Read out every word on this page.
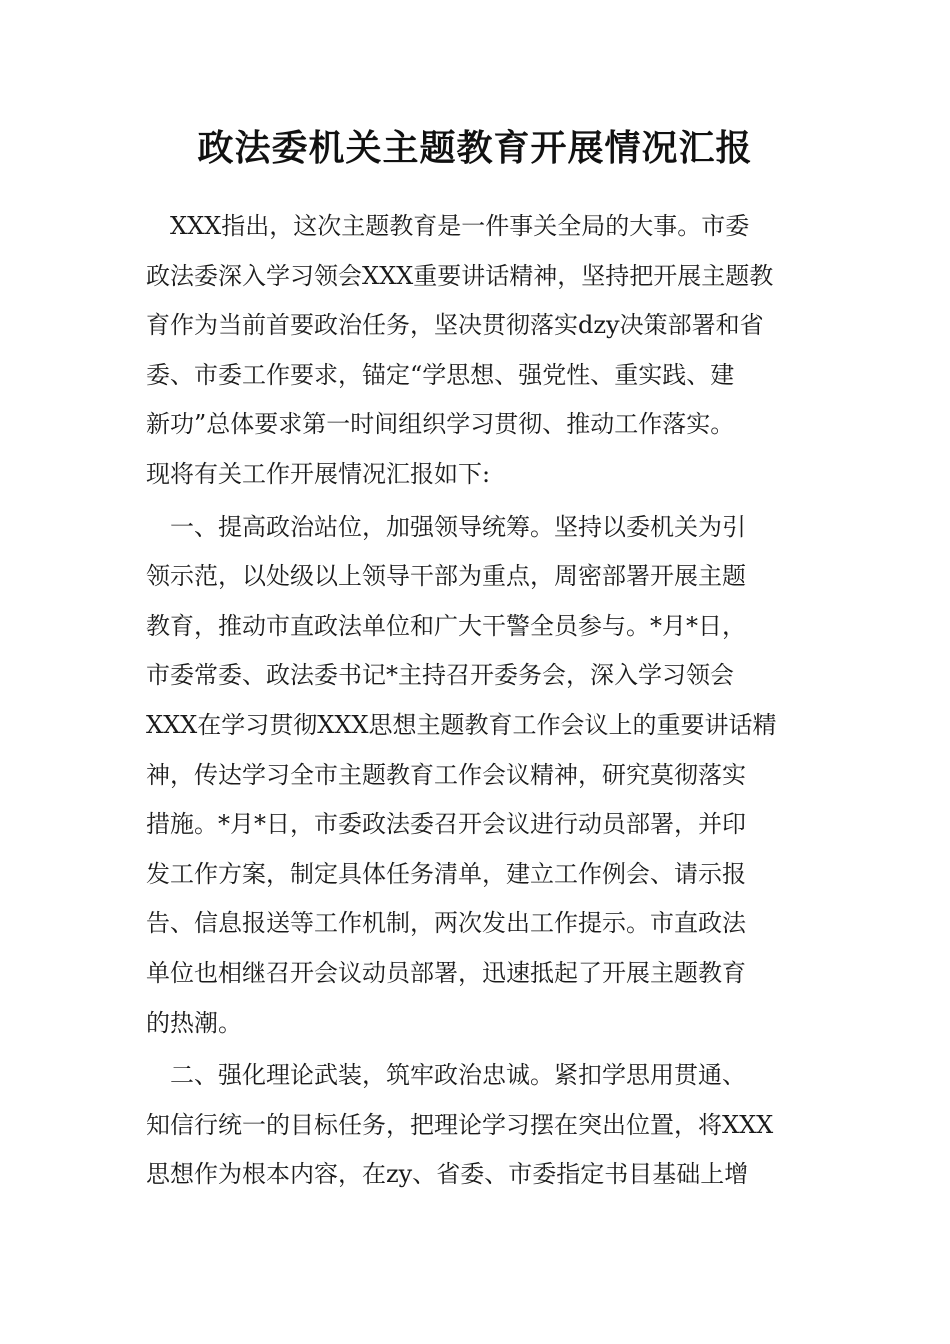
政法委机关主题教育开展情况汇报
　XXX指出，这次主题教育是一件事关全局的大事。市委
政法委深入学习领会XXX重要讲话精神，坚持把开展主题教
育作为当前首要政治任务，坚决贯彻落实dzy决策部署和省
委、市委工作要求，锚定“学思想、强党性、重实践、建
新功”总体要求第一时间组织学习贯彻、推动工作落实。
现将有关工作开展情况汇报如下:
　一、提高政治站位，加强领导统筹。坚持以委机关为引
领示范，以处级以上领导干部为重点，周密部署开展主题
教育，推动市直政法单位和广大干警全员参与。*月*日，
市委常委、政法委书记*主持召开委务会，深入学习领会
XXX在学习贯彻XXX思想主题教育工作会议上的重要讲话精
神，传达学习全市主题教育工作会议精神，研究莫彻落实
措施。*月*日，市委政法委召开会议进行动员部署，并印
发工作方案，制定具体任务清单，建立工作例会、请示报
告、信息报送等工作机制，两次发出工作提示。市直政法
单位也相继召开会议动员部署，迅速抵起了开展主题教育
的热潮。
　二、强化理论武装，筑牢政治忠诚。紧扣学思用贯通、
知信行统一的目标任务，把理论学习摆在突出位置，将XXX
思想作为根本内容，在zy、省委、市委指定书目基础上增
